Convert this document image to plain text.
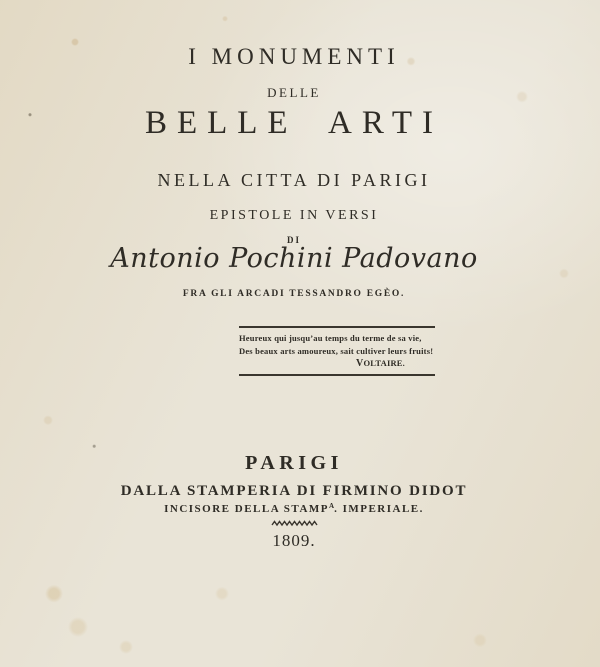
I MONUMENTI
DELLE
BELLE ARTI
NELLA CITTA DI PARIGI
EPISTOLE IN VERSI
DI
Antonio Pochini Padovano
FRA GLI ARCADI TESSANDRO EGÈO.
PARIGI
DALLA STAMPERIA DI FIRMINO DIDOT
INCISORE DELLA $STAMP^A$. IMPERIALE.
1809.

Heureux qui jusqu’au temps du terme de sa vie,

Des beaux arts amoureux, sait cultiver leurs fruits!

VOLTAIRE.
